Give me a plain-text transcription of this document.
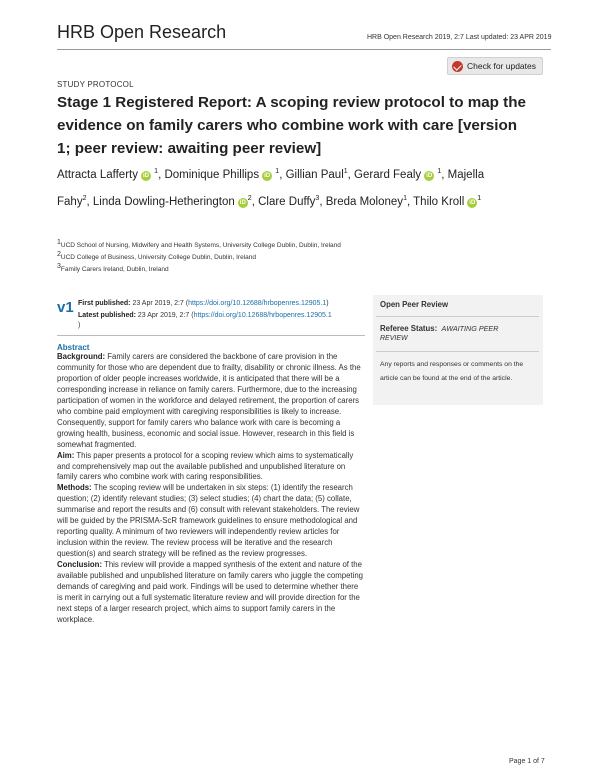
HRB Open Research	HRB Open Research 2019, 2:7 Last updated: 23 APR 2019
Check for updates
STUDY PROTOCOL
Stage 1 Registered Report: A scoping review protocol to map the evidence on family carers who combine work with care [version 1; peer review: awaiting peer review]
Attracta Lafferty iD $^1$, Dominique Phillips iD $^1$, Gillian Paul$^1$, Gerard Fealy iD $^1$, Majella Fahy$^2$, Linda Dowling-Hetherington $iD^2$, Clare Duffy$^3$, Breda Moloney$^1$, Thilo Kroll $iD^1$
$^1$UCD School of Nursing, Midwifery and Health Systems, University College Dublin, Dublin, Ireland
$^2$UCD College of Business, University College Dublin, Dublin, Ireland
$^3$Family Carers Ireland, Dublin, Ireland
v1 First published: 23 Apr 2019, 2:7 (https://doi.org/10.12688/hrbopenres.12905.1)
Latest published: 23 Apr 2019, 2:7 (https://doi.org/10.12688/hrbopenres.12905.1
)
Abstract
Background: Family carers are considered the backbone of care provision in the community for those who are dependent due to frailty, disability or chronic illness. As the proportion of older people increases worldwide, it is anticipated that there will be a corresponding increase in reliance on family carers. Furthermore, due to the increasing participation of women in the workforce and delayed retirement, the proportion of carers who combine paid employment with caregiving responsibilities is likely to increase. Consequently, support for family carers who balance work with care is becoming a growing health, business, economic and social issue. However, research in this field is somewhat fragmented.
Aim: This paper presents a protocol for a scoping review which aims to systematically and comprehensively map out the available published and unpublished literature on family carers who combine work with caring responsibilities.
Methods: The scoping review will be undertaken in six steps: (1) identify the research question; (2) identify relevant studies; (3) select studies; (4) chart the data; (5) collate, summarise and report the results and (6) consult with relevant stakeholders. The review will be guided by the PRISMA-ScR framework guidelines to ensure methodological and reporting quality. A minimum of two reviewers will independently review articles for inclusion within the review. The review process will be iterative and the research question(s) and search strategy will be refined as the review progresses.
Conclusion: This review will provide a mapped synthesis of the extent and nature of the available published and unpublished literature on family carers who juggle the competing demands of caregiving and paid work. Findings will be used to determine whether there is merit in carrying out a full systematic literature review and will provide direction for the next steps of a larger research project, which aims to support family carers in the workplace.
Open Peer Review
Referee Status: AWAITING PEER
REVIEW
Any reports and responses or comments on the article can be found at the end of the article.
Page 1 of 7
